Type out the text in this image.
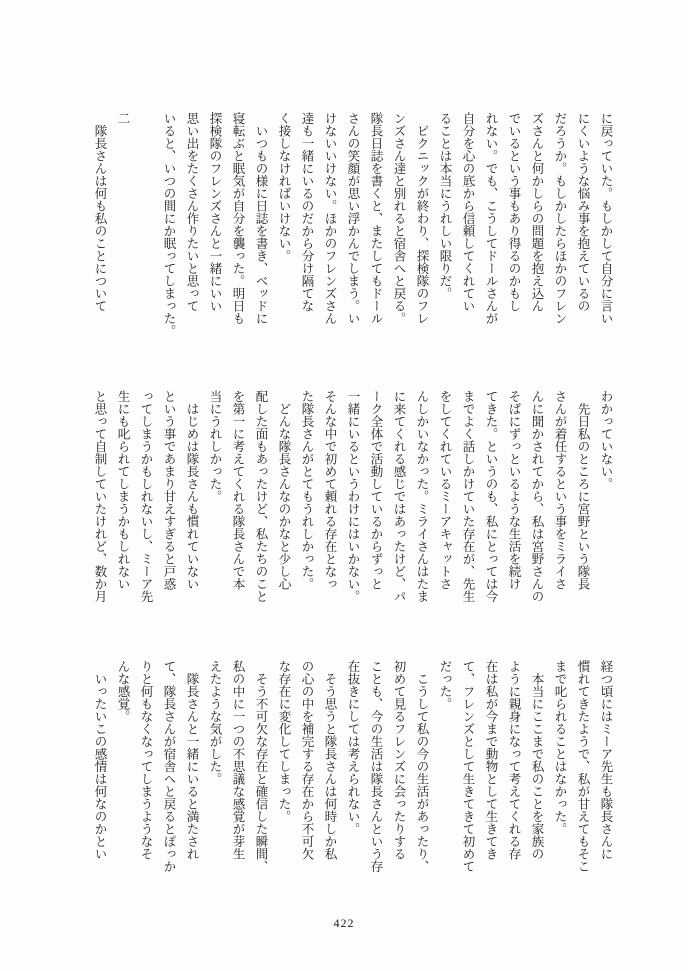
に戻っていた。もしかして自分に言い
にくいような悩み事を抱えているの
だろうか。もしかしたらほかのフレン
ズさんと何かしらの問題を抱え込ん
でいるという事もあり得るのかもし
れない。でも、こうしてドールさんが
自分を心の底から信頼してくれてい
ることは本当にうれしい限りだ。
　ピクニックが終わり、探検隊のフレ
ンズさん達と別れると宿舎へと戻る。
隊長日誌を書くと、またしてもドール
さんの笑顔が思い浮かんでしまう。い
けないいけない。ほかのフレンズさん
達も一緒にいるのだから分け隔てな
く接しなければいけない。
　いつもの様に日誌を書き、ベッドに
寝転ぶと眠気が自分を襲った。明日も
探検隊のフレンズさんと一緒にいい
思い出をたくさん作りたいと思って
いると、いつの間にか眠ってしまった。
二
　隊長さんは何も私のことについて
わかっていない。
　先日私のところに宮野という隊長
さんが着任するという事をミライさ
んに聞かされてから、私は宮野さんの
そばにずっといるような生活を続け
てきた。というのも、私にとっては今
までよく話しかけていた存在が、先生
をしてくれているミーアキャットさ
んしかいなかった。ミライさんはたま
に来てくれる感じではあったけど、パ
ーク全体で活動しているからずっと
一緒にいるというわけにはいかない。
そんな中で初めて頼れる存在となっ
た隊長さんがとてもうれしかった。
　どんな隊長さんなのかなと少し心
配した面もあったけど、私たちのこと
を第一に考えてくれる隊長さんで本
当にうれしかった。
　はじめは隊長さんも慣れていない
という事であまり甘えすぎると戸惑
ってしまうかもしれないし、ミーア先
生にも叱られてしまうかもしれない
と思って自制していたけれど、数か月
経つ頃にはミーア先生も隊長さんに
慣れてきたようで、私が甘えてもそこ
まで叱られることはなかった。
　本当にここまで私のことを家族の
ように親身になって考えてくれる存
在は私が今まで動物として生きてき
て、フレンズとして生きてきて初めて
だった。
　こうして私の今の生活があったり、
初めて見るフレンズに会ったりする
ことも、今の生活は隊長さんという存
在抜きにしては考えられない。
　そう思うと隊長さんは何時しか私
の心の中を補完する存在から不可欠
な存在に変化してしまった。
　そう不可欠な存在と確信した瞬間、
私の中に一つの不思議な感覚が芽生
えたような気がした。
　隊長さんと一緒にいると満たされ
て、隊長さんが宿舎へと戻るとぽっか
りと何もなくなってしまうようなそ
んな感覚。
　いったいこの感情は何なのかとい
422
